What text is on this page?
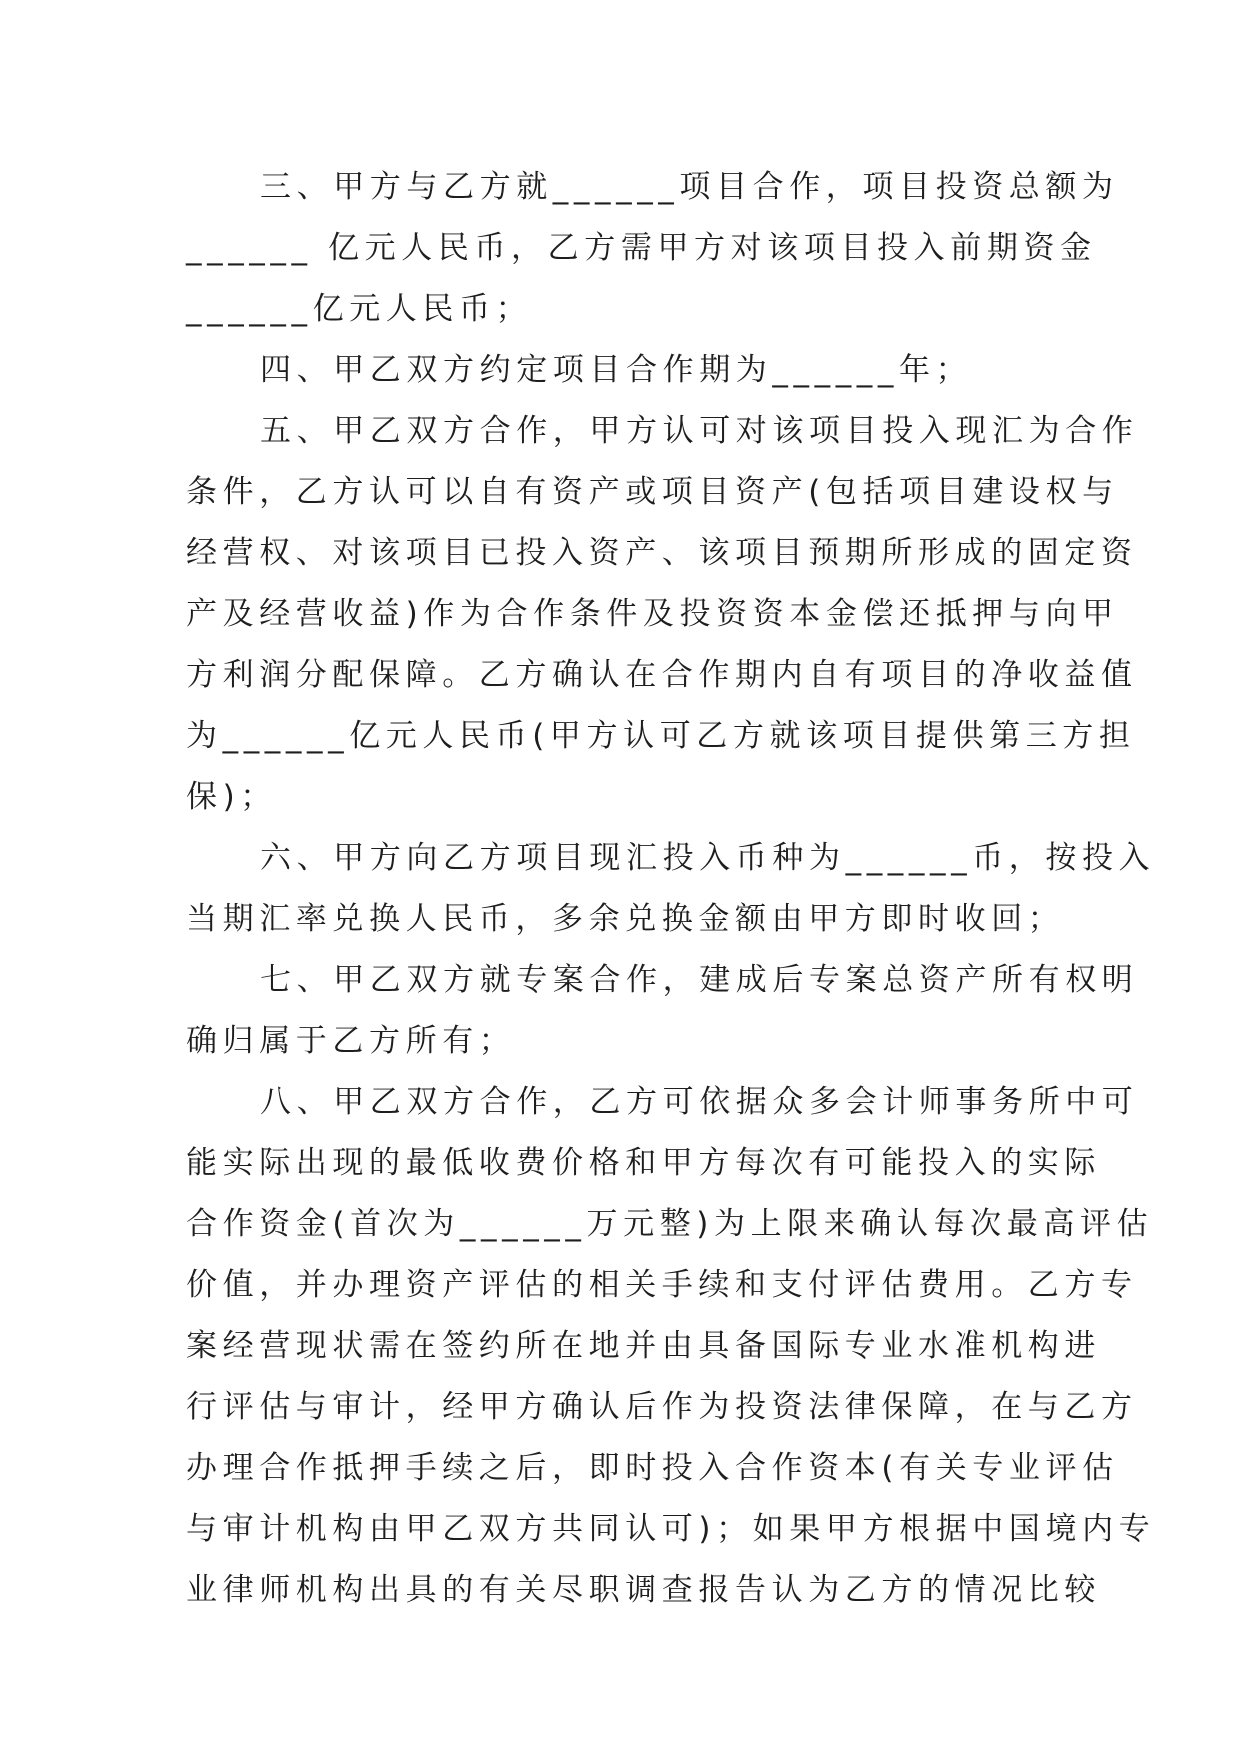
三、甲方与乙方就______项目合作，项目投资总额为
______ 亿元人民币，乙方需甲方对该项目投入前期资金
______亿元人民币；
四、甲乙双方约定项目合作期为______年；
五、甲乙双方合作，甲方认可对该项目投入现汇为合作
条件，乙方认可以自有资产或项目资产(包括项目建设权与
经营权、对该项目已投入资产、该项目预期所形成的固定资
产及经营收益)作为合作条件及投资资本金偿还抵押与向甲
方利润分配保障。乙方确认在合作期内自有项目的净收益值
为______亿元人民币(甲方认可乙方就该项目提供第三方担
保)；
六、甲方向乙方项目现汇投入币种为______币，按投入
当期汇率兑换人民币，多余兑换金额由甲方即时收回；
七、甲乙双方就专案合作，建成后专案总资产所有权明
确归属于乙方所有；
八、甲乙双方合作，乙方可依据众多会计师事务所中可
能实际出现的最低收费价格和甲方每次有可能投入的实际
合作资金(首次为______万元整)为上限来确认每次最高评估
价值，并办理资产评估的相关手续和支付评估费用。乙方专
案经营现状需在签约所在地并由具备国际专业水准机构进
行评估与审计，经甲方确认后作为投资法律保障，在与乙方
办理合作抵押手续之后，即时投入合作资本(有关专业评估
与审计机构由甲乙双方共同认可)；如果甲方根据中国境内专
业律师机构出具的有关尽职调查报告认为乙方的情况比较
